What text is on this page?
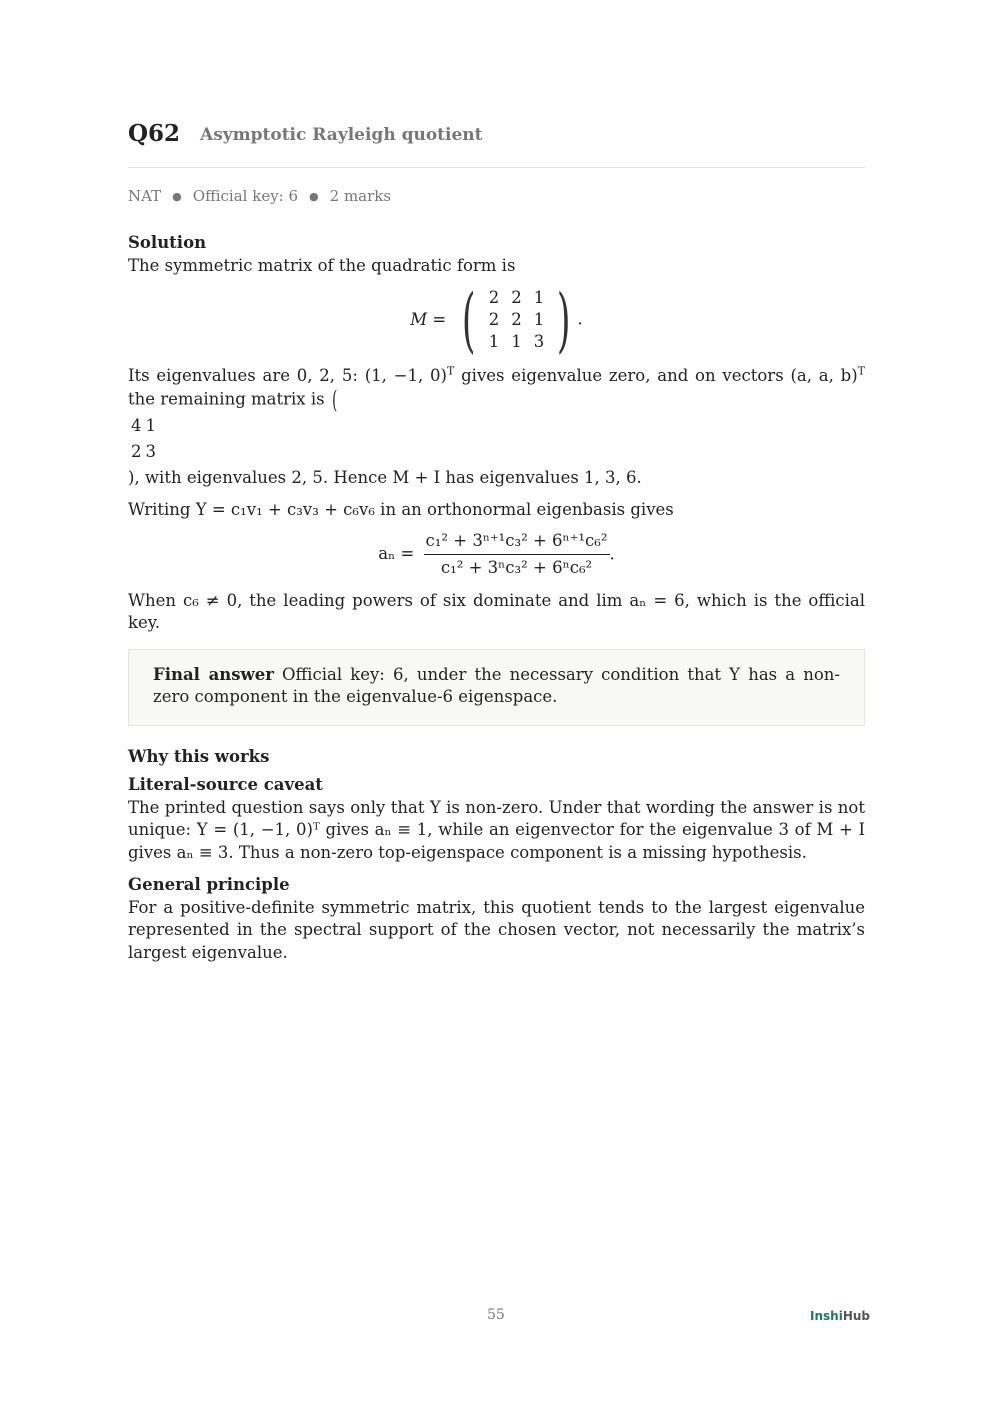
Q62 Asymptotic Rayleigh quotient
NAT ● Official key: 6 ● 2 marks
Solution

The symmetric matrix of the quadratic form is

M = ( 2	2	1
2	2	1
1	1	3 ) .

Its eigenvalues are 0, 2, 5: (1, −1, 0)$^T$ gives eigenvalue zero, and on vectors (a, a, b)$^T$ the remaining matrix is (

4	1
2	3
), with eigenvalues 2, 5. Hence M + I has eigenvalues 1, 3, 6.

Writing Y = c₁v₁ + c₃v₃ + c₆v₆ in an orthonormal eigenbasis gives

$a_n = \frac{\text{c₁² + 3ⁿ⁺¹c₃² + 6ⁿ⁺¹c₆²}}{\text{c₁² + 3ⁿc₃² + 6ⁿc₆²}}$ .

When c₆ ≠ 0, the leading powers of six dominate and lim aₙ = 6, which is the official key.

Final answer Official key: 6, under the necessary condition that Y has a non-zero component in the eigenvalue-6 eigenspace.

Why this works
Literal-source caveat

The printed question says only that Y is non-zero. Under that wording the answer is not unique: Y = (1, −1, 0)ᵀ gives aₙ ≡ 1, while an eigenvector for the eigenvalue 3 of M + I gives aₙ ≡ 3. Thus a non-zero top-eigenspace component is a missing hypothesis.

General principle

For a positive-definite symmetric matrix, this quotient tends to the largest eigenvalue represented in the spectral support of the chosen vector, not necessarily the matrix’s largest eigenvalue.

55	InshiHub
